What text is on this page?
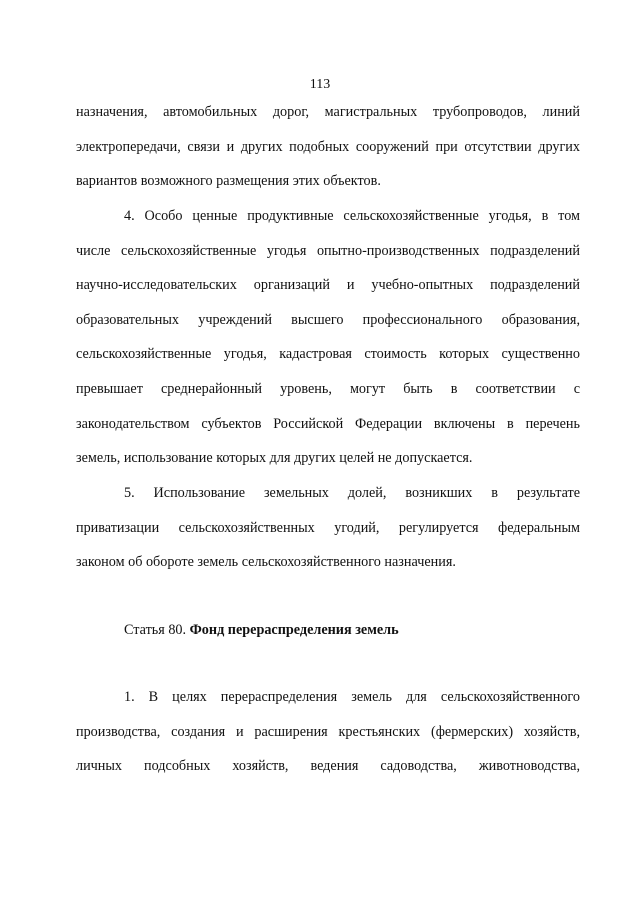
113
назначения, автомобильных дорог, магистральных трубопроводов, линий
электропередачи, связи и других подобных сооружений при отсутствии других
вариантов возможного размещения этих объектов.
4. Особо ценные продуктивные сельскохозяйственные угодья, в том
числе сельскохозяйственные угодья опытно-производственных подразделений
научно-исследовательских организаций и учебно-опытных подразделений
образовательных учреждений высшего профессионального образования,
сельскохозяйственные угодья, кадастровая стоимость которых существенно
превышает среднерайонный уровень, могут быть в соответствии с
законодательством субъектов Российской Федерации включены в перечень
земель, использование которых для других целей не допускается.
5. Использование земельных долей, возникших в результате
приватизации сельскохозяйственных угодий, регулируется федеральным
законом об обороте земель сельскохозяйственного назначения.
Статья 80. Фонд перераспределения земель
1. В целях перераспределения земель для сельскохозяйственного
производства, создания и расширения крестьянских (фермерских) хозяйств,
личных подсобных хозяйств, ведения садоводства, животноводства,
